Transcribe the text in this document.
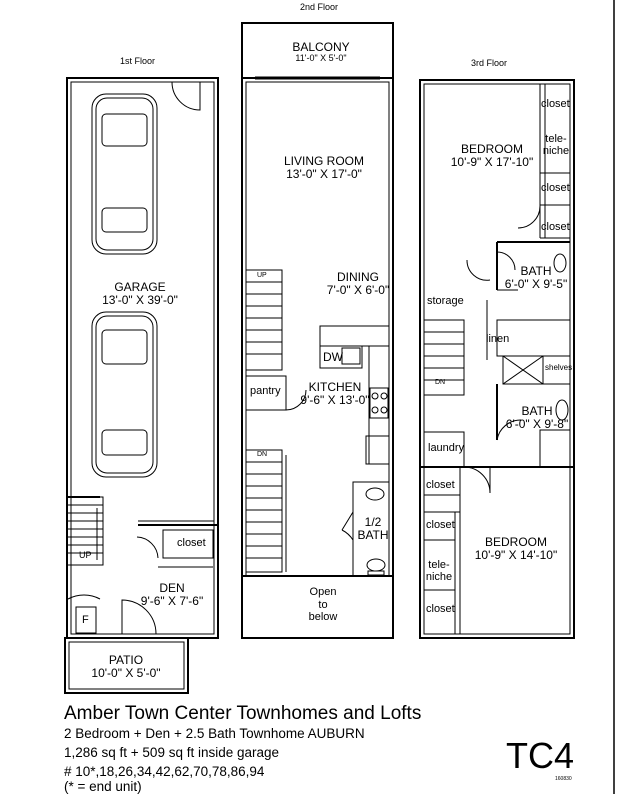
2nd Floor
1st Floor	3rd Floor
GARAGE
13'-0" X 39'-0"
closet
DEN
9'-6" X 7'-6"
UP
F
PATIO
10'-0" X 5'-0"
BALCONY
11'-0" X 5'-0"
LIVING ROOM
13'-0" X 17'-0"
DINING
7'-0" X 6'-0"
KITCHEN
9'-6" X 13'-0"
DW
pantry
1/2
BATH
Open
to
below
UP
DN
closet
tele-
niche
closet
closet
BEDROOM
10'-9" X 17'-10"
BATH
6'-0" X 9'-5"
storage
linen
shelves
DN
BATH
6'-0" X 9'-8"
laundry
closet
closet
tele-
niche
closet
BEDROOM
10'-9" X 14'-10"
Amber Town Center Townhomes and Lofts
2 Bedroom + Den + 2.5 Bath Townhome AUBURN
1,286 sq ft + 509 sq ft inside garage
# 10*,18,26,34,42,62,70,78,86,94
(* = end unit)
TC4
160830
